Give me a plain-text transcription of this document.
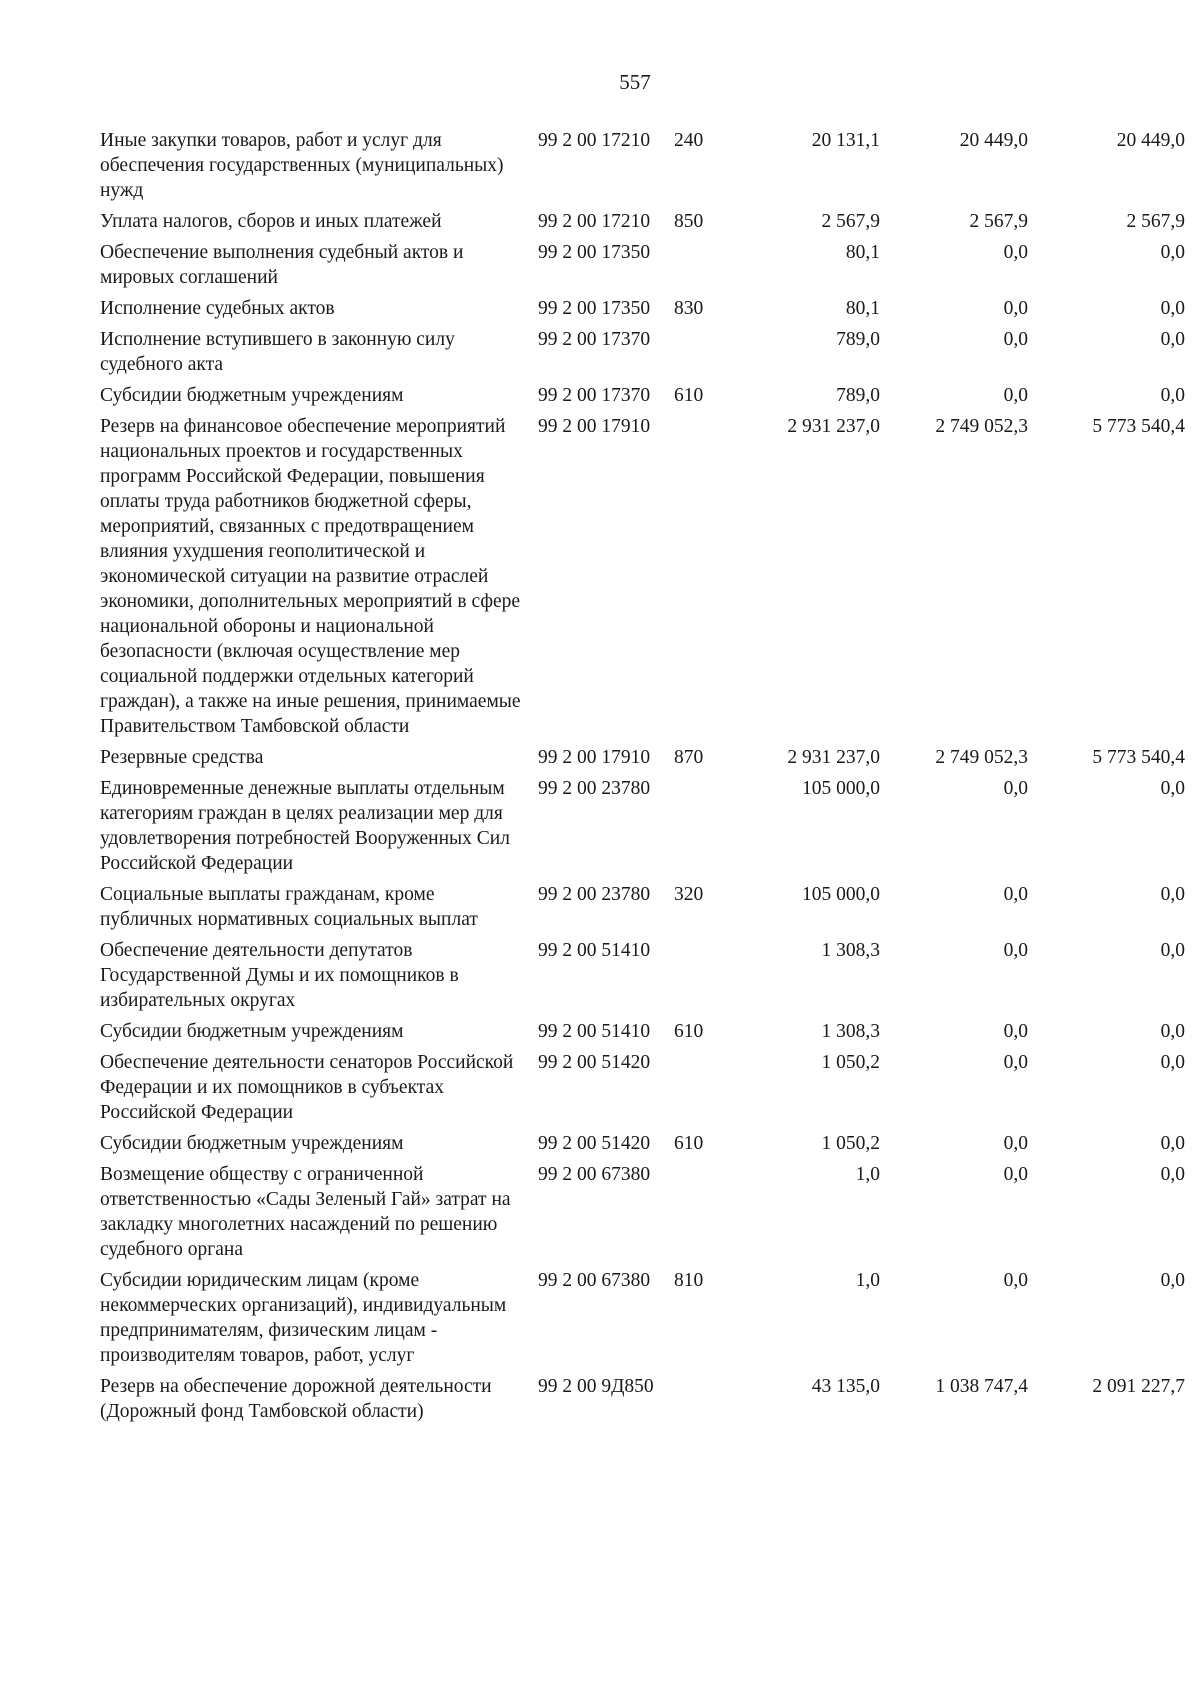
557
Иные закупки товаров, работ и услуг для обеспечения государственных (муниципальных) нужд	99 2 00 17210	240	20 131,1	20 449,0	20 449,0
Уплата налогов, сборов и иных платежей	99 2 00 17210	850	2 567,9	2 567,9	2 567,9
Обеспечение выполнения судебный актов и мировых соглашений	99 2 00 17350		80,1	0,0	0,0
Исполнение судебных актов	99 2 00 17350	830	80,1	0,0	0,0
Исполнение вступившего в законную силу судебного акта	99 2 00 17370		789,0	0,0	0,0
Субсидии бюджетным учреждениям	99 2 00 17370	610	789,0	0,0	0,0
Резерв на финансовое обеспечение мероприятий национальных проектов и государственных программ Российской Федерации, повышения оплаты труда работников бюджетной сферы, мероприятий, связанных с предотвращением влияния ухудшения геополитической и экономической ситуации на развитие отраслей экономики, дополнительных мероприятий в сфере национальной обороны и национальной безопасности (включая осуществление мер социальной поддержки отдельных категорий граждан), а также на иные решения, принимаемые Правительством Тамбовской области	99 2 00 17910		2 931 237,0	2 749 052,3	5 773 540,4
Резервные средства	99 2 00 17910	870	2 931 237,0	2 749 052,3	5 773 540,4
Единовременные денежные выплаты отдельным категориям граждан в целях реализации мер для удовлетворения потребностей Вооруженных Сил Российской Федерации	99 2 00 23780		105 000,0	0,0	0,0
Социальные выплаты гражданам, кроме публичных нормативных социальных выплат	99 2 00 23780	320	105 000,0	0,0	0,0
Обеспечение деятельности депутатов Государственной Думы и их помощников в избирательных округах	99 2 00 51410		1 308,3	0,0	0,0
Субсидии бюджетным учреждениям	99 2 00 51410	610	1 308,3	0,0	0,0
Обеспечение деятельности сенаторов Российской Федерации и их помощников в субъектах Российской Федерации	99 2 00 51420		1 050,2	0,0	0,0
Субсидии бюджетным учреждениям	99 2 00 51420	610	1 050,2	0,0	0,0
Возмещение обществу с ограниченной ответственностью «Сады Зеленый Гай» затрат на закладку многолетних насаждений по решению судебного органа	99 2 00 67380		1,0	0,0	0,0
Субсидии юридическим лицам (кроме некоммерческих организаций), индивидуальным предпринимателям, физическим лицам - производителям товаров, работ, услуг	99 2 00 67380	810	1,0	0,0	0,0
Резерв на обеспечение дорожной деятельности (Дорожный фонд Тамбовской области)	99 2 00 9Д850		43 135,0	1 038 747,4	2 091 227,7
